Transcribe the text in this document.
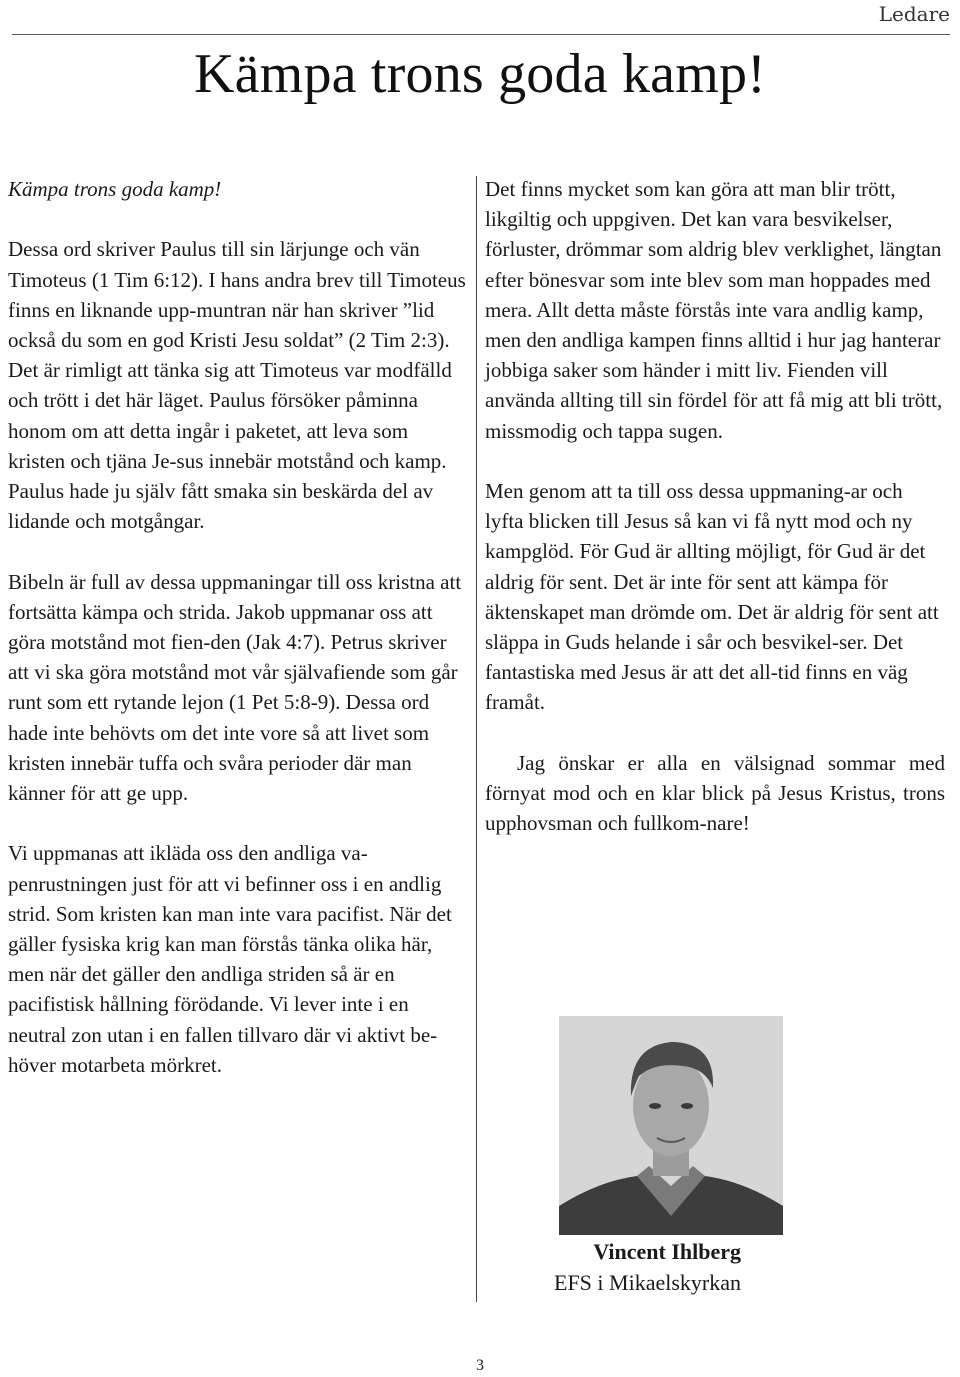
Ledare
Kämpa trons goda kamp!

Kämpa trons goda kamp!

Dessa ord skriver Paulus till sin lärjunge och vän Timoteus (1 Tim 6:12). I hans andra brev till Timoteus finns en liknande upp-muntran när han skriver ”lid också du som en god Kristi Jesu soldat” (2 Tim 2:3). Det är rimligt att tänka sig att Timoteus var modfälld och trött i det här läget. Paulus försöker påminna honom om att detta ingår i paketet, att leva som kristen och tjäna Je-sus innebär motstånd och kamp. Paulus hade ju själv fått smaka sin beskärda del av lidande och motgångar.

Bibeln är full av dessa uppmaningar till oss kristna att fortsätta kämpa och strida. Jakob uppmanar oss att göra motstånd mot fien-den (Jak 4:7). Petrus skriver att vi ska göra motstånd mot vår självafiende som går runt som ett rytande lejon (1 Pet 5:8-9). Dessa ord hade inte behövts om det inte vore så att livet som kristen innebär tuffa och svåra perioder där man känner för att ge upp.

Vi uppmanas att ikläda oss den andliga va-penrustningen just för att vi befinner oss i en andlig strid. Som kristen kan man inte vara pacifist. När det gäller fysiska krig kan man förstås tänka olika här, men när det gäller den andliga striden så är en pacifistisk hållning förödande. Vi lever inte i en neutral zon utan i en fallen tillvaro där vi aktivt be-höver motarbeta mörkret.

Det finns mycket som kan göra att man blir trött, likgiltig och uppgiven. Det kan vara besvikelser, förluster, drömmar som aldrig blev verklighet, längtan efter bönesvar som inte blev som man hoppades med mera. Allt detta måste förstås inte vara andlig kamp, men den andliga kampen finns alltid i hur jag hanterar jobbiga saker som händer i mitt liv. Fienden vill använda allting till sin fördel för att få mig att bli trött, missmodig och tappa sugen.

Men genom att ta till oss dessa uppmaning-ar och lyfta blicken till Jesus så kan vi få nytt mod och ny kampglöd. För Gud är allting möjligt, för Gud är det aldrig för sent. Det är inte för sent att kämpa för äktenskapet man drömde om. Det är aldrig för sent att släppa in Guds helande i sår och besvikel-ser. Det fantastiska med Jesus är att det all-tid finns en väg framåt.

Jag önskar er alla en välsignad sommar med förnyat mod och en klar blick på Jesus Kristus, trons upphovsman och fullkom-nare!

Vincent Ihlberg
EFS i Mikaelskyrkan
3
